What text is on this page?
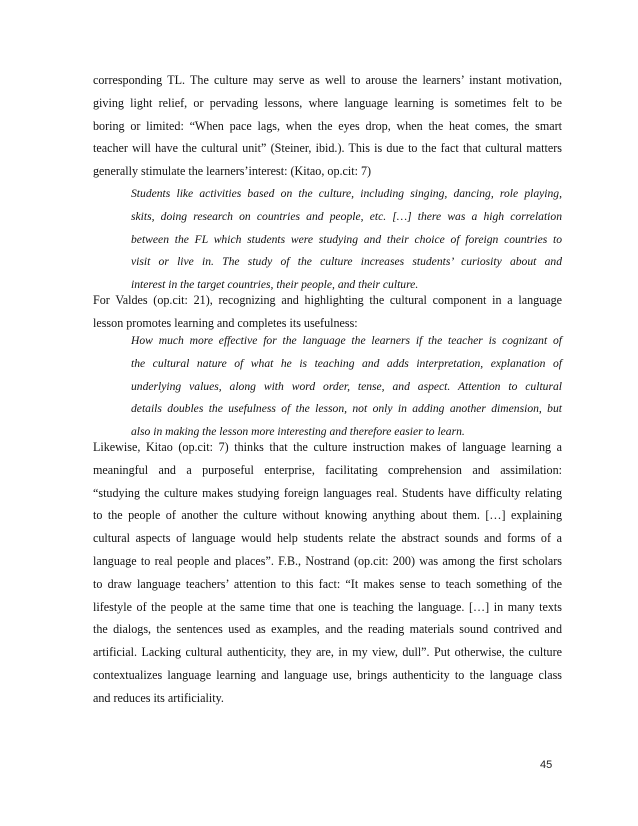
corresponding TL. The culture may serve as well to arouse the learners’ instant motivation,
giving light relief, or pervading lessons, where language learning is sometimes felt to be
boring or limited: “When pace lags, when the eyes drop, when the heat comes, the smart
teacher will have the cultural unit” (Steiner, ibid.). This is due to the fact that cultural matters
generally stimulate the learners’interest: (Kitao, op.cit: 7)
Students like activities based on the culture, including singing, dancing, role playing,
skits, doing research on countries and people, etc. […] there was a high correlation
between the FL which students were studying and their choice of foreign countries to
visit or live in. The study of the culture increases students’ curiosity about and
interest in the target countries, their people, and their culture.
For Valdes (op.cit: 21), recognizing and highlighting the cultural component in a language
lesson promotes learning and completes its usefulness:
How much more effective for the language the learners if the teacher is cognizant of
the cultural nature of what he is teaching and adds interpretation, explanation of
underlying values, along with word order, tense, and aspect. Attention to cultural
details doubles the usefulness of the lesson, not only in adding another dimension, but
also in making the lesson more interesting and therefore easier to learn.
Likewise, Kitao (op.cit: 7) thinks that the culture instruction makes of language learning a
meaningful and a purposeful enterprise, facilitating comprehension and assimilation:
“studying the culture makes studying foreign languages real. Students have difficulty relating
to the people of another the culture without knowing anything about them. […] explaining
cultural aspects of language would help students relate the abstract sounds and forms of a
language to real people and places”. F.B., Nostrand (op.cit: 200) was among the first scholars
to draw language teachers’ attention to this fact: “It makes sense to teach something of the
lifestyle of the people at the same time that one is teaching the language. […] in many texts
the dialogs, the sentences used as examples, and the reading materials sound contrived and
artificial. Lacking cultural authenticity, they are, in my view, dull”. Put otherwise, the culture
contextualizes language learning and language use, brings authenticity to the language class
and reduces its artificiality.
45
